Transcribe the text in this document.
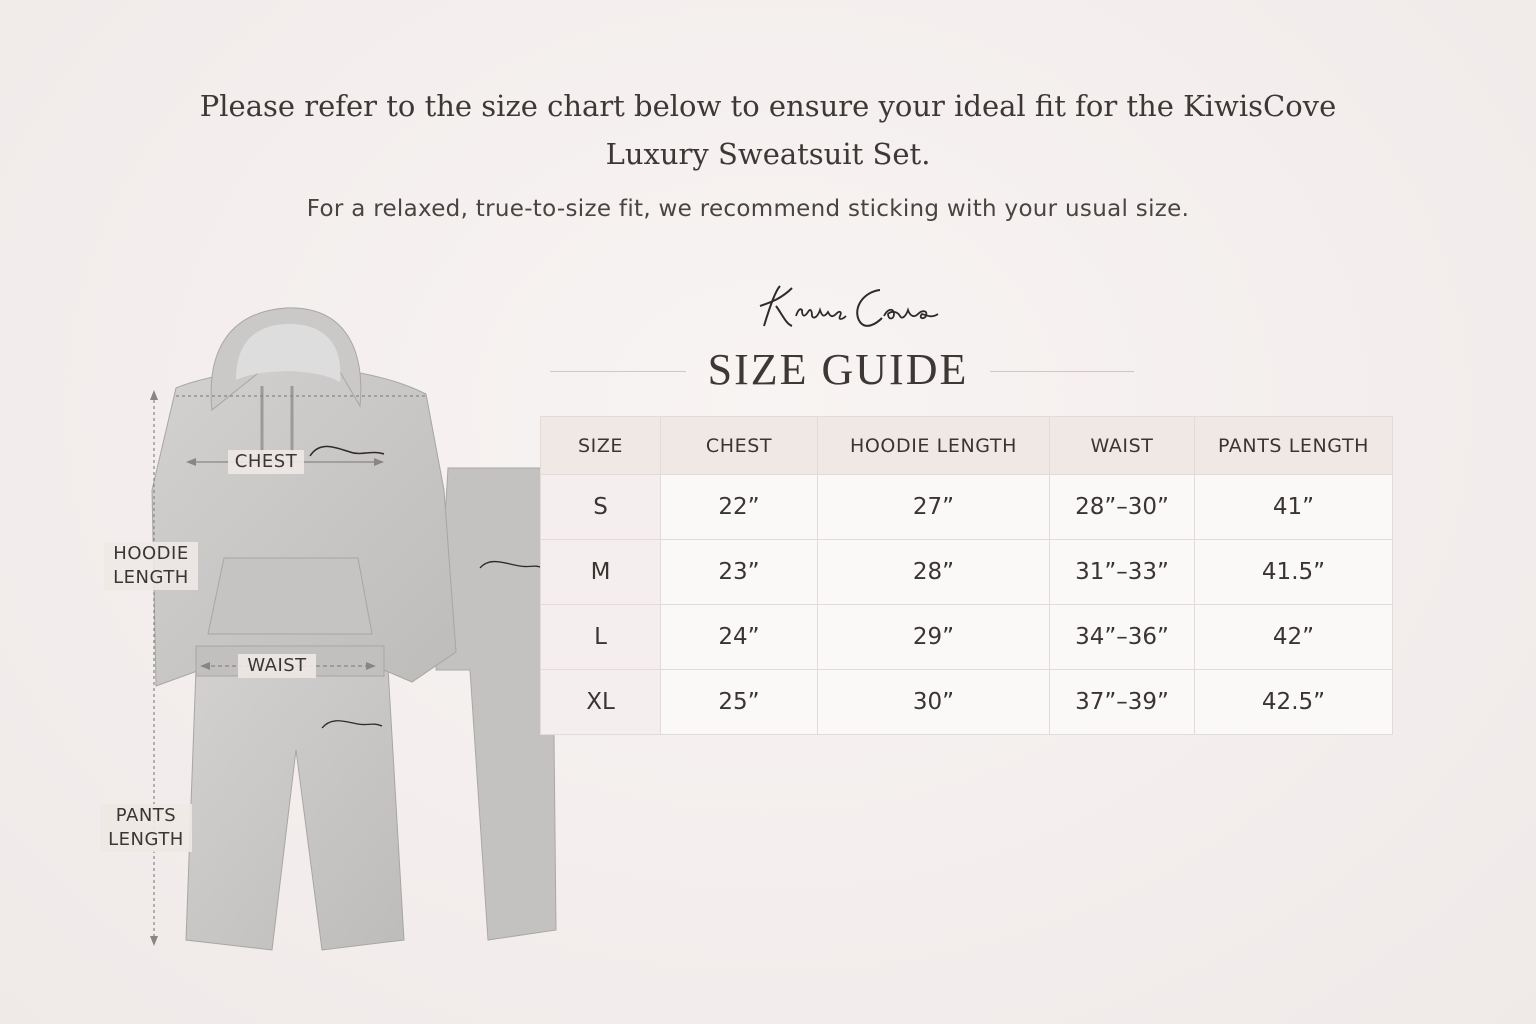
Please refer to the size chart below to ensure your ideal fit for the KiwisCove
Luxury Sweatsuit Set.
For a relaxed, true-to-size fit, we recommend sticking with your usual size.
SIZE GUIDE
CHEST
HOODIE
LENGTH
WAIST
PANTS
LENGTH
SIZE	CHEST	HOODIE LENGTH	WAIST	PANTS LENGTH
S	22”	27”	28”–30”	41”
M	23”	28”	31”–33”	41.5”
L	24”	29”	34”–36”	42”
XL	25”	30”	37”–39”	42.5”
